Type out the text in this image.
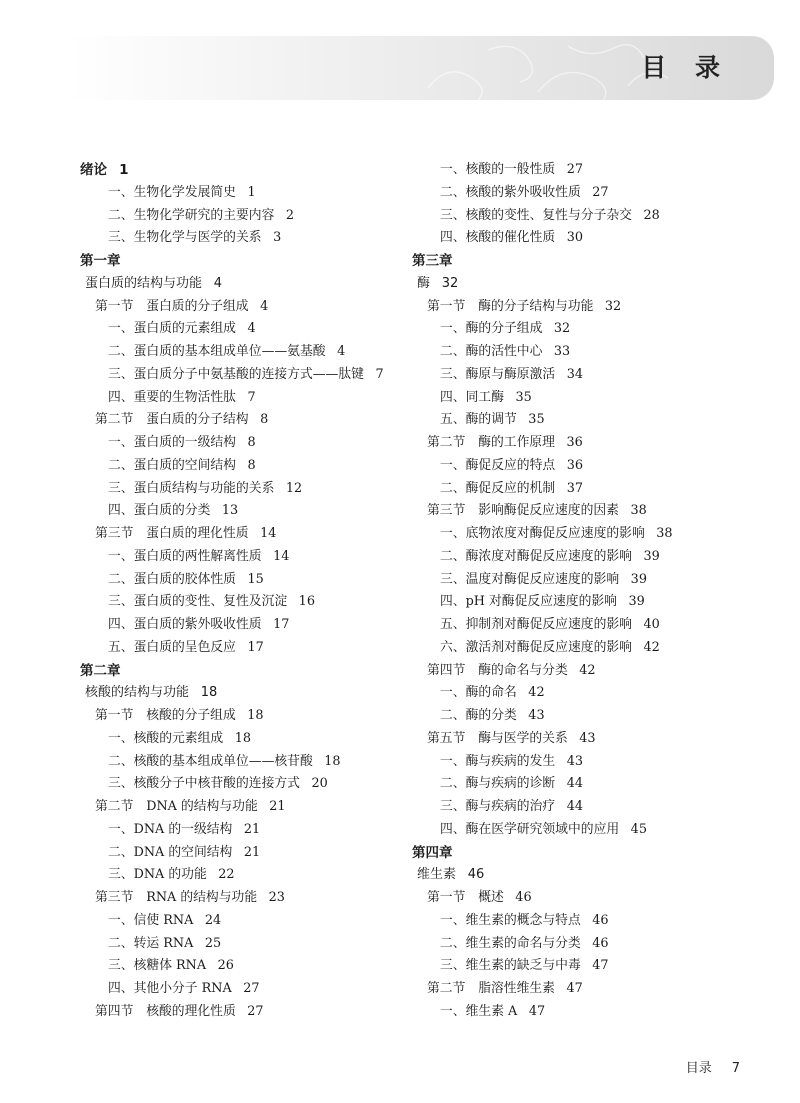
目 录
绪论 1
一、生物化学发展简史 1
二、生物化学研究的主要内容 2
三、生物化学与医学的关系 3
第一章
蛋白质的结构与功能 4
第一节　蛋白质的分子组成 4
一、蛋白质的元素组成 4
二、蛋白质的基本组成单位——氨基酸 4
三、蛋白质分子中氨基酸的连接方式——肽键 7
四、重要的生物活性肽 7
第二节　蛋白质的分子结构 8
一、蛋白质的一级结构 8
二、蛋白质的空间结构 8
三、蛋白质结构与功能的关系 12
四、蛋白质的分类 13
第三节　蛋白质的理化性质 14
一、蛋白质的两性解离性质 14
二、蛋白质的胶体性质 15
三、蛋白质的变性、复性及沉淀 16
四、蛋白质的紫外吸收性质 17
五、蛋白质的呈色反应 17
第二章
核酸的结构与功能 18
第一节　核酸的分子组成 18
一、核酸的元素组成 18
二、核酸的基本组成单位——核苷酸 18
三、核酸分子中核苷酸的连接方式 20
第二节　DNA 的结构与功能 21
一、DNA 的一级结构 21
二、DNA 的空间结构 21
三、DNA 的功能 22
第三节　RNA 的结构与功能 23
一、信使 RNA 24
二、转运 RNA 25
三、核糖体 RNA 26
四、其他小分子 RNA 27
第四节　核酸的理化性质 27
一、核酸的一般性质 27
二、核酸的紫外吸收性质 27
三、核酸的变性、复性与分子杂交 28
四、核酸的催化性质 30
第三章
酶 32
第一节　酶的分子结构与功能 32
一、酶的分子组成 32
二、酶的活性中心 33
三、酶原与酶原激活 34
四、同工酶 35
五、酶的调节 35
第二节　酶的工作原理 36
一、酶促反应的特点 36
二、酶促反应的机制 37
第三节　影响酶促反应速度的因素 38
一、底物浓度对酶促反应速度的影响 38
二、酶浓度对酶促反应速度的影响 39
三、温度对酶促反应速度的影响 39
四、pH 对酶促反应速度的影响 39
五、抑制剂对酶促反应速度的影响 40
六、激活剂对酶促反应速度的影响 42
第四节　酶的命名与分类 42
一、酶的命名 42
二、酶的分类 43
第五节　酶与医学的关系 43
一、酶与疾病的发生 43
二、酶与疾病的诊断 44
三、酶与疾病的治疗 44
四、酶在医学研究领域中的应用 45
第四章
维生素 46
第一节　概述 46
一、维生素的概念与特点 46
二、维生素的命名与分类 46
三、维生素的缺乏与中毒 47
第二节　脂溶性维生素 47
一、维生素 A 47
目录 7
